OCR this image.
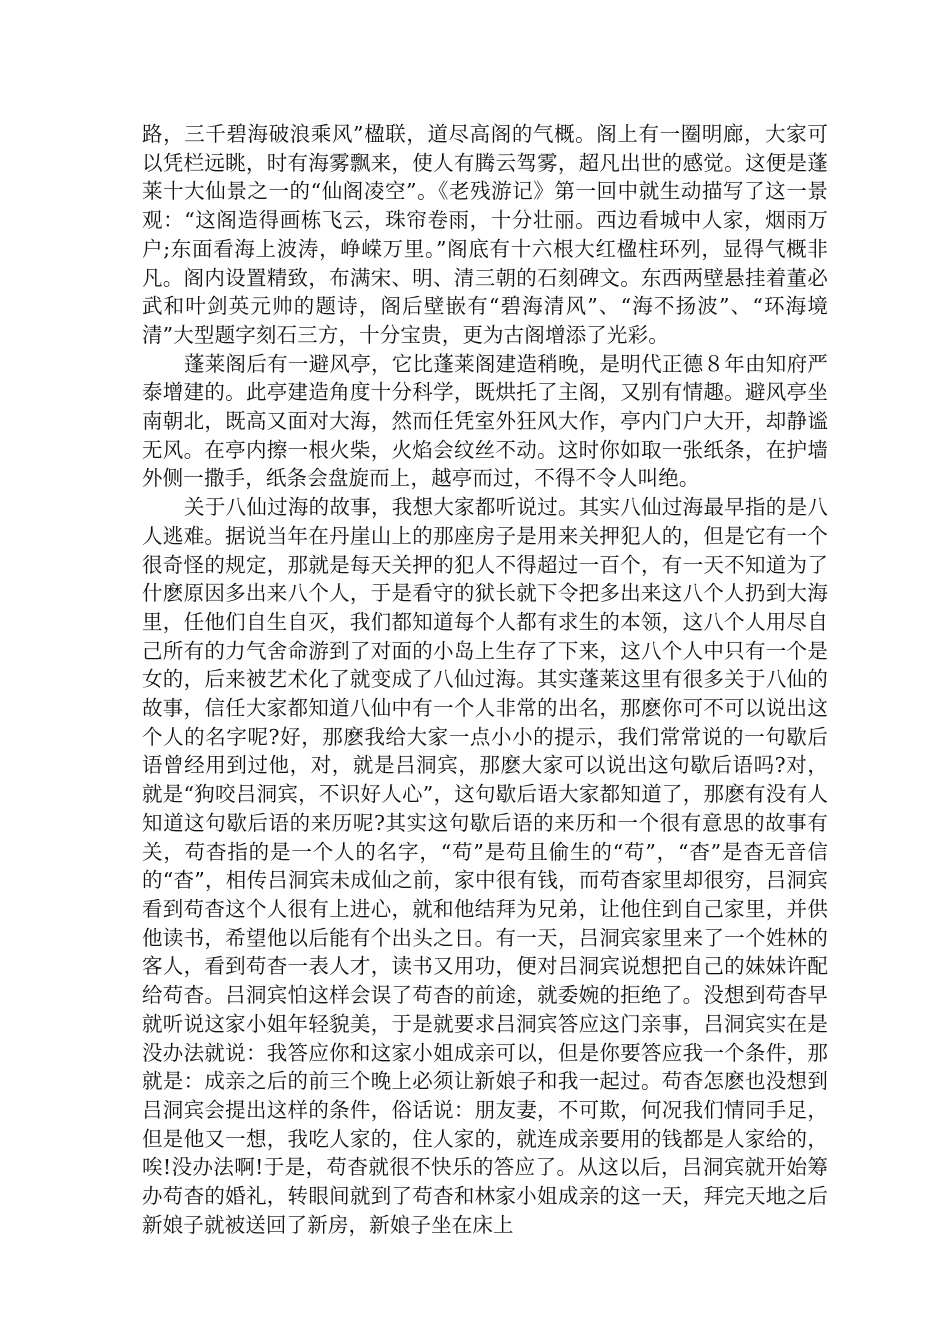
路，三千碧海破浪乘风”楹联，道尽高阁的气概。阁上有一圈明廊，大家可以凭栏远眺，时有海雾飘来，使人有腾云驾雾，超凡出世的感觉。这便是蓬莱十大仙景之一的“仙阁凌空”。《老残游记》第一回中就生动描写了这一景观：“这阁造得画栋飞云，珠帘卷雨，十分壮丽。西边看城中人家，烟雨万户;东面看海上波涛，峥嵘万里。”阁底有十六根大红楹柱环列，显得气概非凡。阁内设置精致，布满宋、明、清三朝的石刻碑文。东西两壁悬挂着董必武和叶剑英元帅的题诗，阁后壁嵌有“碧海清风”、“海不扬波”、“环海境清”大型题字刻石三方，十分宝贵，更为古阁增添了光彩。

蓬莱阁后有一避风亭，它比蓬莱阁建造稍晚，是明代正德８年由知府严泰增建的。此亭建造角度十分科学，既烘托了主阁，又别有情趣。避风亭坐南朝北，既高又面对大海，然而任凭室外狂风大作，亭内门户大开，却静谧无风。在亭内擦一根火柴，火焰会纹丝不动。这时你如取一张纸条，在护墙外侧一撒手，纸条会盘旋而上，越亭而过，不得不令人叫绝。

关于八仙过海的故事，我想大家都听说过。其实八仙过海最早指的是八人逃难。据说当年在丹崖山上的那座房子是用来关押犯人的，但是它有一个很奇怪的规定，那就是每天关押的犯人不得超过一百个，有一天不知道为了什麽原因多出来八个人，于是看守的狱长就下令把多出来这八个人扔到大海里，任他们自生自灭，我们都知道每个人都有求生的本领，这八个人用尽自己所有的力气舍命游到了对面的小岛上生存了下来，这八个人中只有一个是女的，后来被艺术化了就变成了八仙过海。其实蓬莱这里有很多关于八仙的故事，信任大家都知道八仙中有一个人非常的出名，那麽你可不可以说出这个人的名字呢?好，那麽我给大家一点小小的提示，我们常常说的一句歇后语曾经用到过他，对，就是吕洞宾，那麽大家可以说出这句歇后语吗?对，就是“狗咬吕洞宾，不识好人心”，这句歇后语大家都知道了，那麽有没有人知道这句歇后语的来历呢?其实这句歇后语的来历和一个很有意思的故事有关，苟杳指的是一个人的名字，“苟”是苟且偷生的“苟”，“杳”是杳无音信的“杳”，相传吕洞宾未成仙之前，家中很有钱，而苟杳家里却很穷，吕洞宾看到苟杳这个人很有上进心，就和他结拜为兄弟，让他住到自己家里，并供他读书，希望他以后能有个出头之日。有一天，吕洞宾家里来了一个姓林的客人，看到苟杳一表人才，读书又用功，便对吕洞宾说想把自己的妹妹许配给苟杳。吕洞宾怕这样会误了苟杳的前途，就委婉的拒绝了。没想到苟杳早就听说这家小姐年轻貌美，于是就要求吕洞宾答应这门亲事，吕洞宾实在是没办法就说：我答应你和这家小姐成亲可以，但是你要答应我一个条件，那就是：成亲之后的前三个晚上必须让新娘子和我一起过。苟杳怎麽也没想到吕洞宾会提出这样的条件，俗话说：朋友妻，不可欺，何况我们情同手足，但是他又一想，我吃人家的，住人家的，就连成亲要用的钱都是人家给的，唉!没办法啊!于是，苟杳就很不快乐的答应了。从这以后，吕洞宾就开始筹办苟杳的婚礼，转眼间就到了苟杳和林家小姐成亲的这一天，拜完天地之后新娘子就被送回了新房，新娘子坐在床上
